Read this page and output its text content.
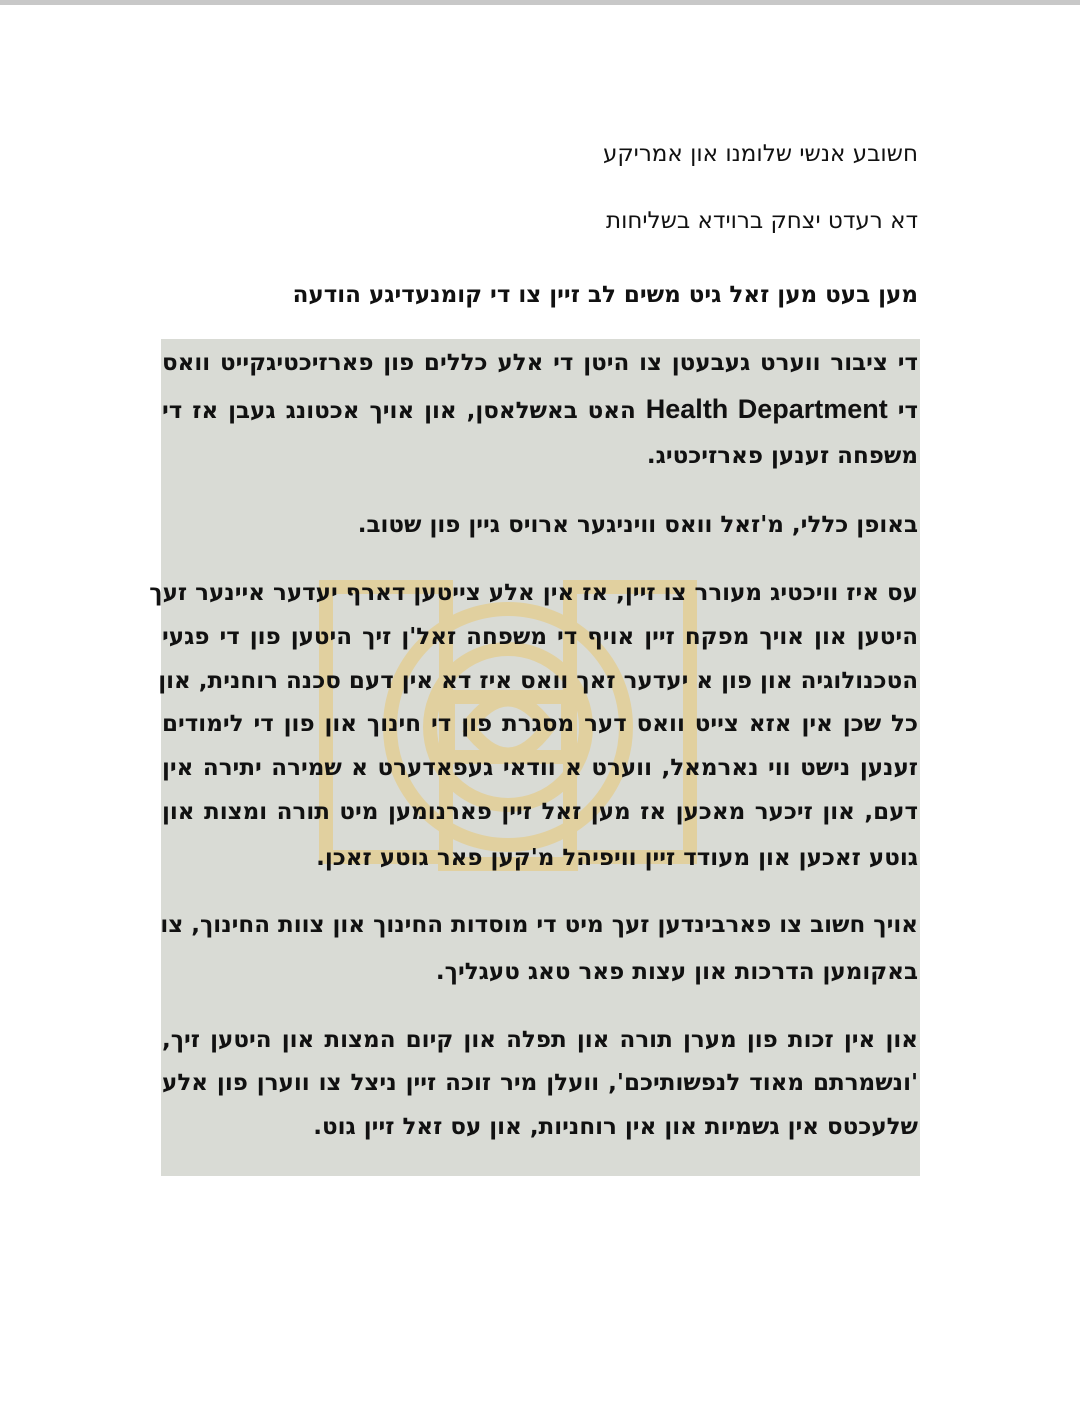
חשובע אנשי שלומנו און אמריקע
דא רעדט יצחק ברוידא בשליחות
מען בעט מען זאל גיט משים לב זיין צו די קומנעדיגע הודעה
די ציבור ווערט געבעטן צו היטן די אלע כללים פון פארזיכטיגקייט וואס
די Health Department האט באשלאסן, און אויך אכטונג געבן אז די
משפחה זענען פארזיכטיג.
באופן כללי, מ'זאל וואס וויניגער ארויס גיין פון שטוב.
עס איז וויכטיג מעורר צו זיין, אז אין אלע צייטען דארף יעדער איינער זעך
היטען און אויך מפקח זיין אויף די משפחה זאל'ן זיך היטען פון די פגעי
הטכנולוגיה און פון א יעדער זאך וואס איז דא אין דעם סכנה רוחנית, און
כל שכן אין אזא צייט וואס דער מסגרת פון די חינוך און פון די לימודים
זענען נישט ווי נארמאל, ווערט א וודאי געפאדערט א שמירה יתירה אין
דעם, און זיכער מאכען אז מען זאל זיין פארנומען מיט תורה ומצות און
גוטע זאכען און מעודד זיין וויפיהל מ'קען פאר גוטע זאכן.
אויך חשוב צו פארבינדען זעך מיט די מוסדות החינוך און צוות החינוך, צו
באקומען הדרכות און עצות פאר טאג טעגליך.
און אין זכות פון מערן תורה און תפלה און קיום המצות און היטען זיך,
'ונשמרתם מאוד לנפשותיכם', וועלן מיר זוכה זיין ניצל צו ווערן פון אלע
שלעכטס אין גשמיות און אין רוחניות, און עס זאל זיין גוט.
